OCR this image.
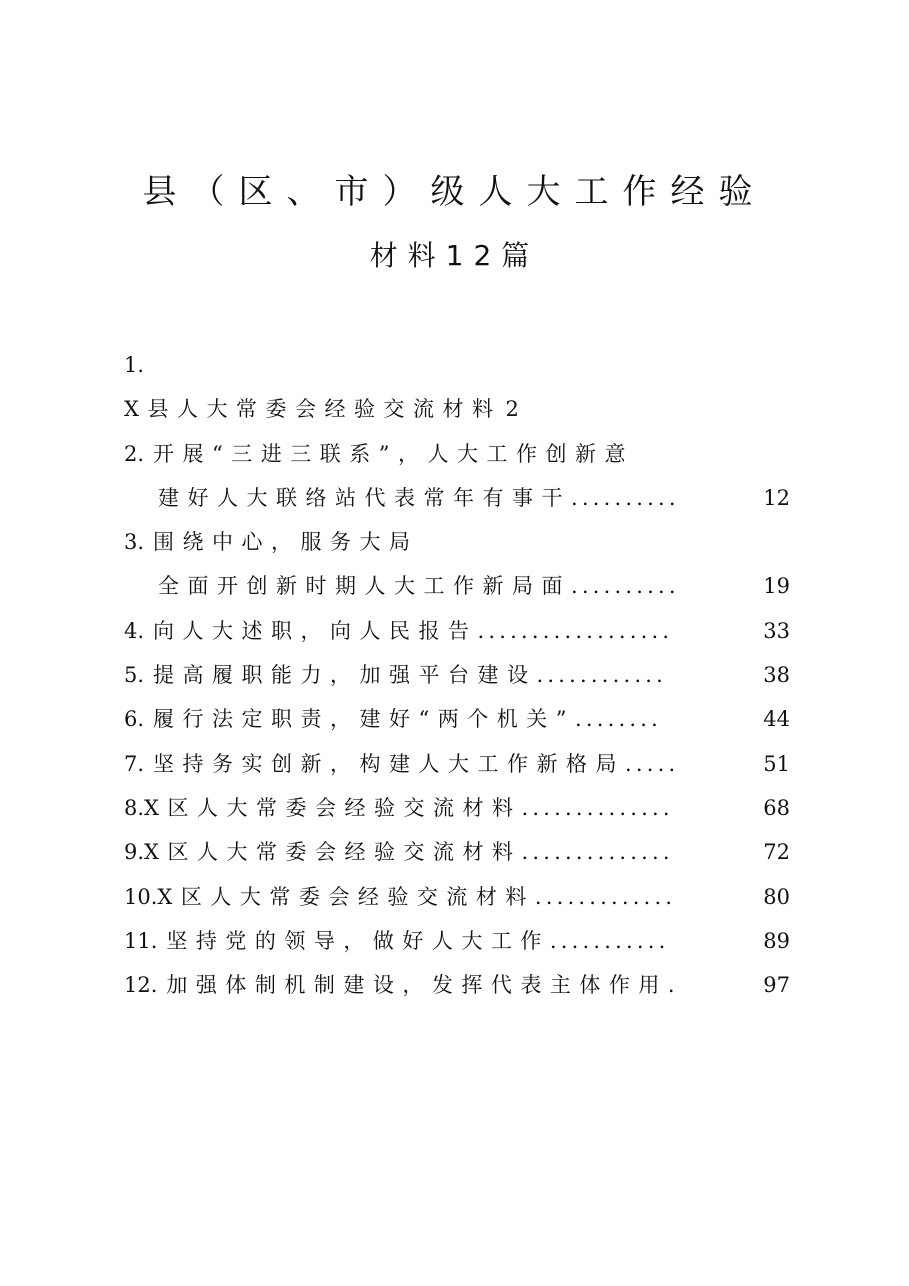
县（区、市）级人大工作经验
材料12篇
1.
X县人大常委会经验交流材料 2
2. 开展“三进三联系”，人大工作创新意
建好人大联络站代表常年有事干..........	12
3. 围绕中心，服务大局
全面开创新时期人大工作新局面..........	19
4. 向人大述职，向人民报告..................	33
5. 提高履职能力，加强平台建设............	38
6. 履行法定职责，建好“两个机关”........	44
7. 坚持务实创新，构建人大工作新格局.....	51
8.X区人大常委会经验交流材料..............	68
9.X区人大常委会经验交流材料..............	72
10.X区人大常委会经验交流材料.............	80
11. 坚持党的领导，做好人大工作...........	89
12. 加强体制机制建设，发挥代表主体作用.	97
